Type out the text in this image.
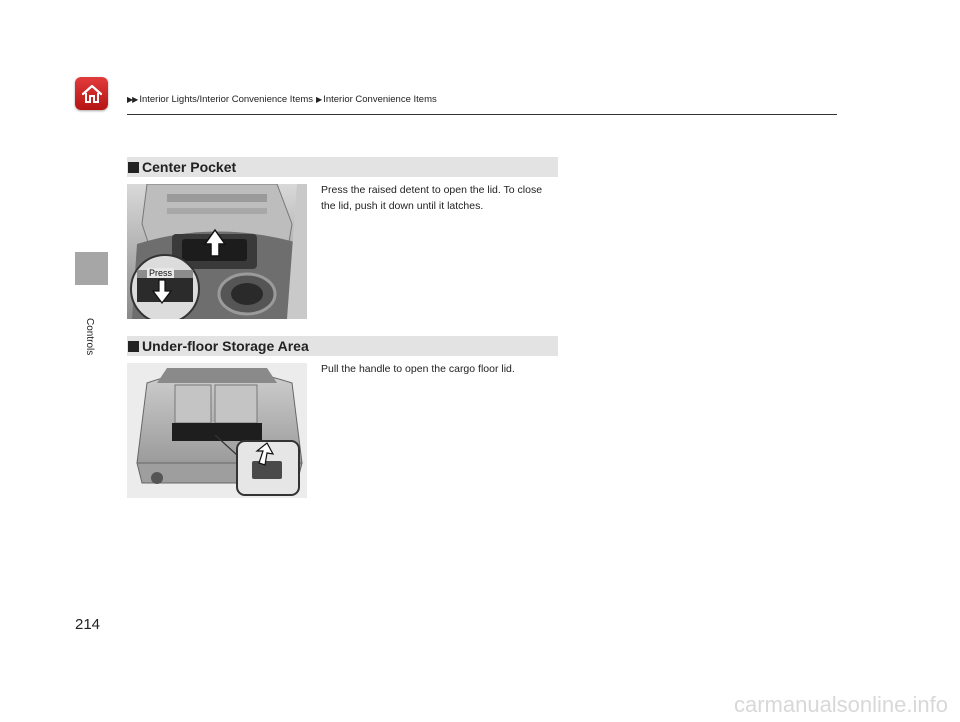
▶▶ Interior Lights/Interior Convenience Items ▶ Interior Convenience Items
Controls
214
Center Pocket
Press
Press the raised detent to open the lid. To close the lid, push it down until it latches.
Under-floor Storage Area
Pull the handle to open the cargo floor lid.
carmanualsonline.info
